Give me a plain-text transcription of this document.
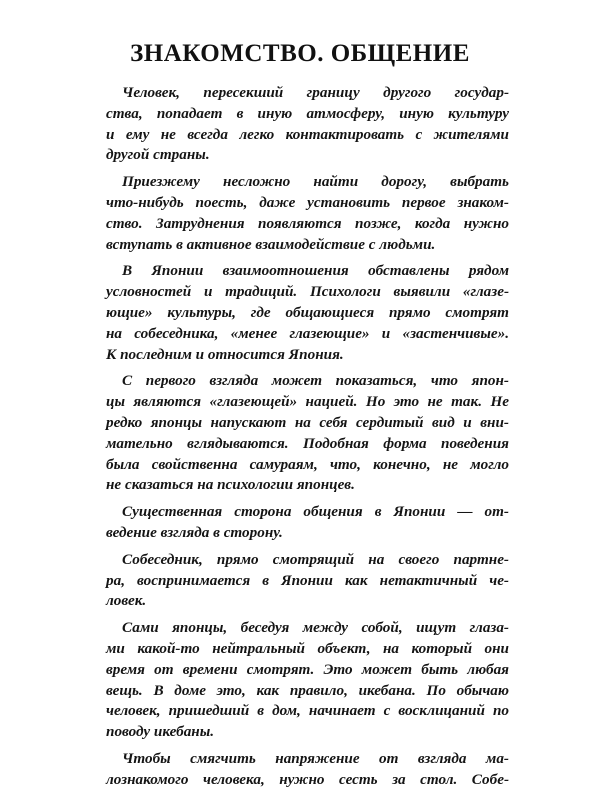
ЗНАКОМСТВО. ОБЩЕНИЕ
Человек, пересекший границу другого государ-
ства, попадает в иную атмосферу, иную культуру
и ему не всегда легко контактировать с жителями
другой страны.
Приезжему несложно найти дорогу, выбрать
что-нибудь поесть, даже установить первое знаком-
ство. Затруднения появляются позже, когда нужно
вступать в активное взаимодействие с людьми.
В Японии взаимоотношения обставлены рядом
условностей и традиций. Психологи выявили «глазе-
ющие» культуры, где общающиеся прямо смотрят
на собеседника, «менее глазеющие» и «застенчивые».
К последним и относится Япония.
С первого взгляда может показаться, что япон-
цы являются «глазеющей» нацией. Но это не так. Не
редко японцы напускают на себя сердитый вид и вни-
мательно вглядываются. Подобная форма поведения
была свойственна самураям, что, конечно, не могло
не сказаться на психологии японцев.
Существенная сторона общения в Японии — от-
ведение взгляда в сторону.
Собеседник, прямо смотрящий на своего партне-
ра, воспринимается в Японии как нетактичный че-
ловек.
Сами японцы, беседуя между собой, ищут глаза-
ми какой-то нейтральный объект, на который они
время от времени смотрят. Это может быть любая
вещь. В доме это, как правило, икебана. По обычаю
человек, пришедший в дом, начинает с восклицаний по
поводу икебаны.
Чтобы смягчить напряжение от взгляда ма-
лознакомого человека, нужно сесть за стол. Собе-
